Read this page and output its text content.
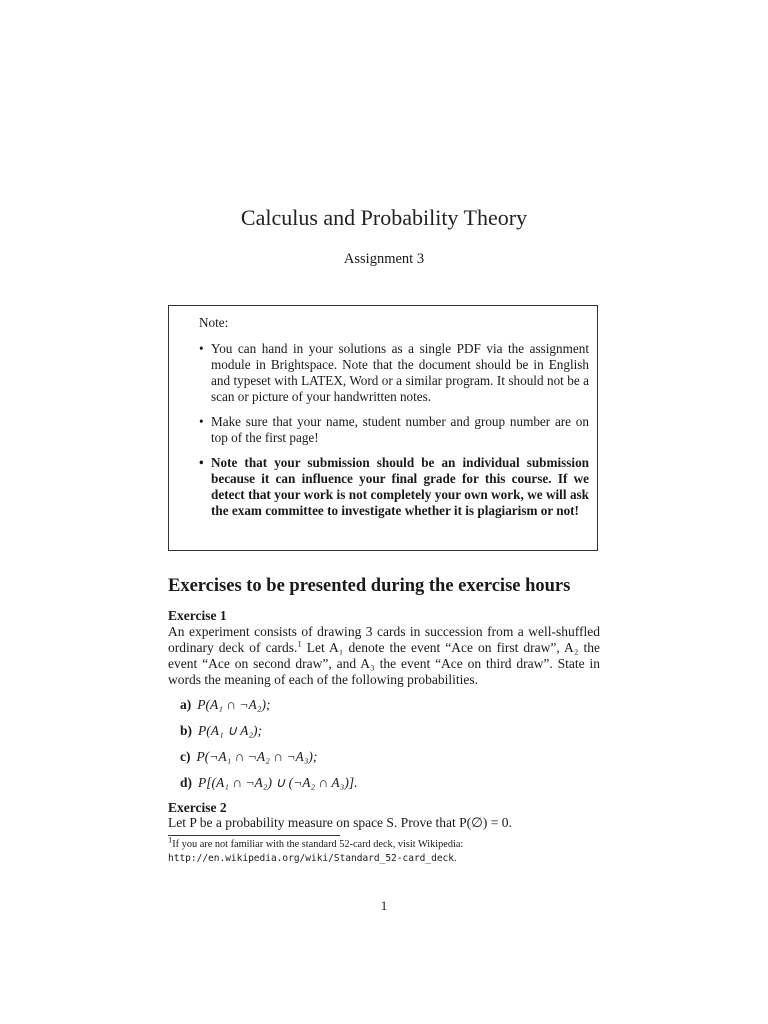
Calculus and Probability Theory
Assignment 3
Note:
• You can hand in your solutions as a single PDF via the assignment module in Brightspace. Note that the document should be in English and typeset with LATEX, Word or a similar program. It should not be a scan or picture of your handwritten notes.
• Make sure that your name, student number and group number are on top of the first page!
• Note that your submission should be an individual submission because it can influence your final grade for this course. If we detect that your work is not completely your own work, we will ask the exam committee to investigate whether it is plagiarism or not!
Exercises to be presented during the exercise hours
Exercise 1
An experiment consists of drawing 3 cards in succession from a well-shuffled ordinary deck of cards.$^1$ Let A₁ denote the event “Ace on first draw”, A₂ the event “Ace on second draw”, and A₃ the event “Ace on third draw”. State in words the meaning of each of the following probabilities.
a) P(A₁ ∩ ¬A₂);
b) P(A₁ ∪ A₂);
c) P(¬A₁ ∩ ¬A₂ ∩ ¬A₃);
d) P[(A₁ ∩ ¬A₂) ∪ (¬A₂ ∩ A₃)].
Exercise 2
Let P be a probability measure on space S. Prove that P(∅) = 0.
$^1$If you are not familiar with the standard 52-card deck, visit Wikipedia: http://en.wikipedia.org/wiki/Standard_52-card_deck.
1
